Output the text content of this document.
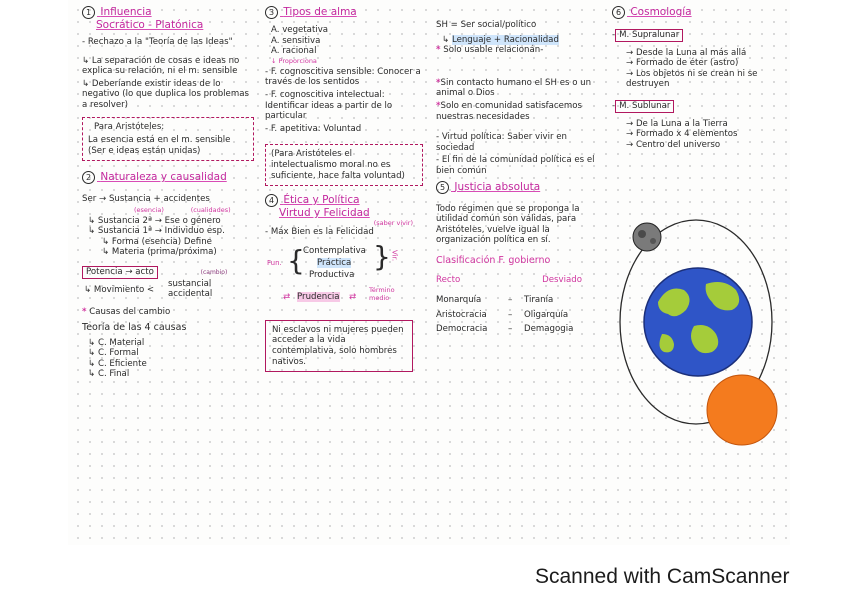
1 Influencia
Socrático - Platónica
- Rechazo a la "Teoría de las Ideas"
↳ La separación de cosas e ideas no explica su relación, ni el m. sensible
↳ Deberíande existir ideas de lo negativo (lo que duplica los problemas a resolver)
Para Aristóteles:
La esencia está en el m. sensible (Ser e ideas están unidas)
2 Naturaleza y causalidad
Ser → Sustancia + accidentes
(esencia)	(cualidades)
↳ Sustancia 2ª → Ese o género
↳ Sustancia 1ª → Individuo esp.
↳ Forma (esencia) Define
↳ Materia (prima/próxima)
Potencia → acto	(cambio)
↳ Movimiento <
sustancial
accidental
* Causas del cambio
Teoría de las 4 causas
↳ C. Material
↳ C. Formal
↳ C. Eficiente
↳ C. Final
3 Tipos de alma
A. vegetativa
A. sensitiva
A. racional
↓ Proporciona
- F. cognoscitiva sensible: Conocer a través de los sentidos
- F. cognoscitiva intelectual: Identificar ideas a partir de lo particular
- F. apetitiva: Voluntad
(Para Aristóteles el intelectualismo moral no es suficiente, hace falta voluntad)
4 Ética y Política
Virtud y Felicidad
(saber vivir)
- Máx Bien es la Felicidad
Fun. {
Contemplativa
Práctica
Productiva
} Vir.
⇄ Prudencia ⇄
Término medio
Ni esclavos ni mujeres pueden acceder a la vida contemplativa, solo hombres nativos.
SH = Ser social/político
↳ Lenguaje + Racionalidad
* Solo usable relacionán-
*Sin contacto humano el SH es o un animal o Dios
*Solo en comunidad satisfacemos nuestras necesidades
- Virtud política: Saber vivir en sociedad
- El fin de la comunidad política es el bien común
5 Justicia absoluta
Todo régimen que se proponga la utilidad común son válidas, para Aristóteles, vuelve igual la organización política en sí.
Clasificación F. gobierno
Recto	Desviado
Monarquía	–	Tiranía
Aristocracia	–	Oligarquía
Democracia	–	Demagogia
6 Cosmología
- M. Supralunar
→ Desde la Luna al más allá
→ Formado de éter (astro)
→ Los objetos ni se crean ni se destruyen
- M. Sublunar
→ De la Luna a la Tierra
→ Formado x 4 elementos
→ Centro del universo
Scanned with CamScanner
